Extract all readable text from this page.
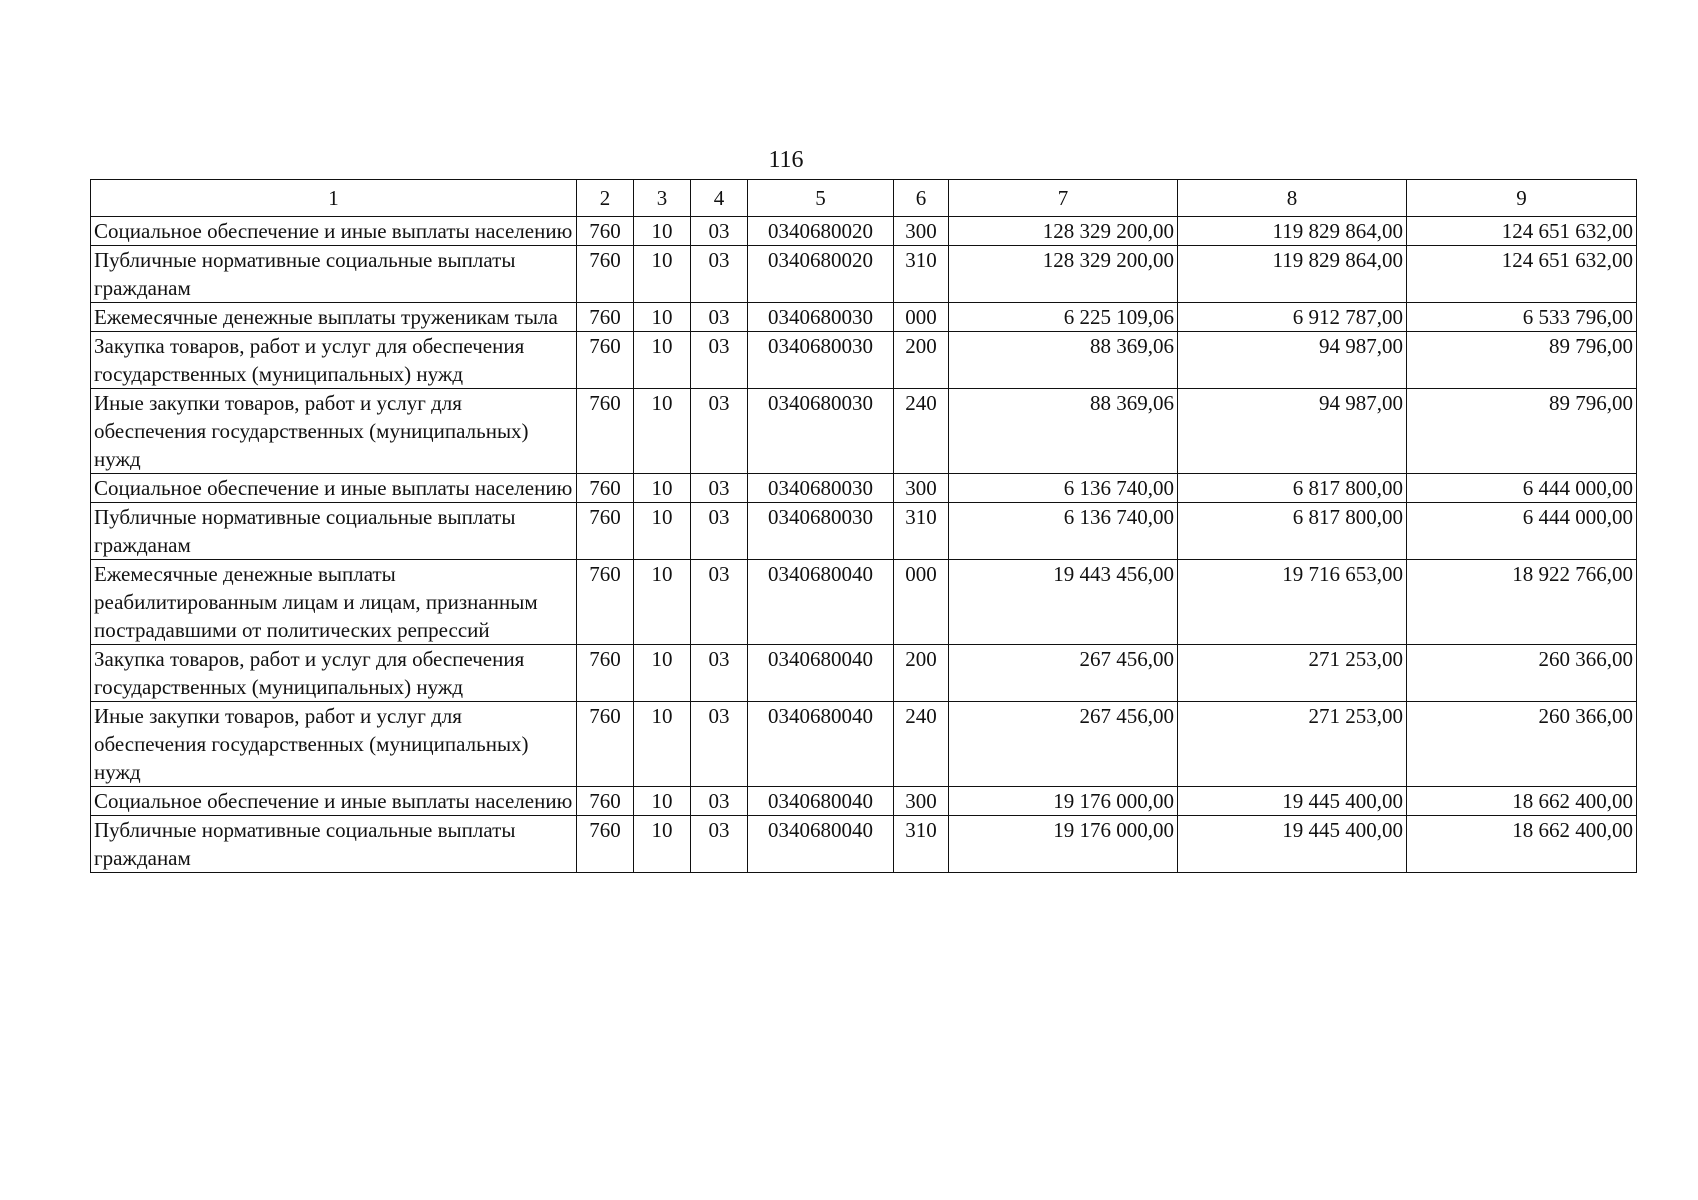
116
1	2	3	4	5	6	7	8	9
Социальное обеспечение и иные выплаты населению	760	10	03	0340680020	300	128 329 200,00	119 829 864,00	124 651 632,00
Публичные нормативные социальные выплаты гражданам	760	10	03	0340680020	310	128 329 200,00	119 829 864,00	124 651 632,00
Ежемесячные денежные выплаты труженикам тыла	760	10	03	0340680030	000	6 225 109,06	6 912 787,00	6 533 796,00
Закупка товаров, работ и услуг для обеспечения государственных (муниципальных) нужд	760	10	03	0340680030	200	88 369,06	94 987,00	89 796,00
Иные закупки товаров, работ и услуг для обеспечения государственных (муниципальных) нужд	760	10	03	0340680030	240	88 369,06	94 987,00	89 796,00
Социальное обеспечение и иные выплаты населению	760	10	03	0340680030	300	6 136 740,00	6 817 800,00	6 444 000,00
Публичные нормативные социальные выплаты гражданам	760	10	03	0340680030	310	6 136 740,00	6 817 800,00	6 444 000,00
Ежемесячные денежные выплаты реабилитированным лицам и лицам, признанным пострадавшими от политических репрессий	760	10	03	0340680040	000	19 443 456,00	19 716 653,00	18 922 766,00
Закупка товаров, работ и услуг для обеспечения государственных (муниципальных) нужд	760	10	03	0340680040	200	267 456,00	271 253,00	260 366,00
Иные закупки товаров, работ и услуг для обеспечения государственных (муниципальных) нужд	760	10	03	0340680040	240	267 456,00	271 253,00	260 366,00
Социальное обеспечение и иные выплаты населению	760	10	03	0340680040	300	19 176 000,00	19 445 400,00	18 662 400,00
Публичные нормативные социальные выплаты гражданам	760	10	03	0340680040	310	19 176 000,00	19 445 400,00	18 662 400,00
